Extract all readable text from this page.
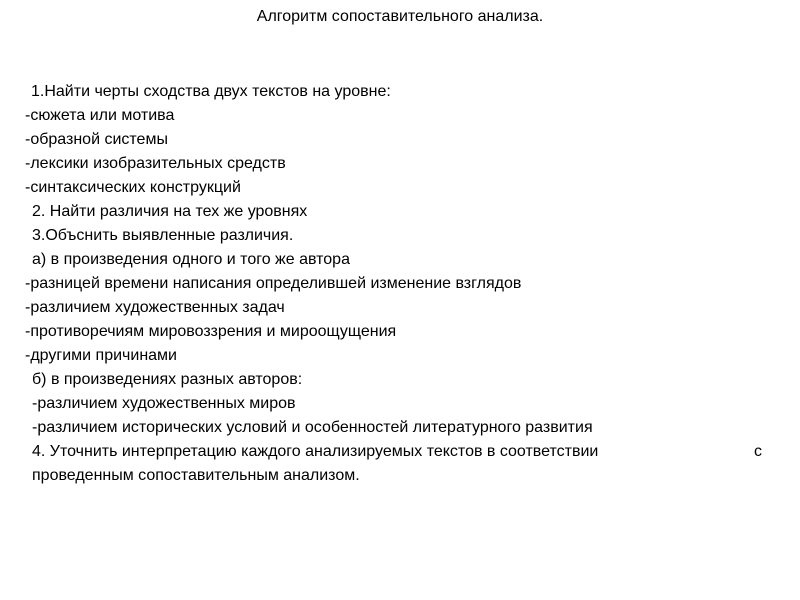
Алгоритм сопоставительного анализа.
1.Найти черты сходства двух текстов на уровне:
-сюжета или мотива
-образной системы
-лексики изобразительных средств
-синтаксических конструкций
2. Найти различия на тех же уровнях
3.Объснить выявленные различия.
а) в произведения одного и того же автора
-разницей времени написания определившей изменение взглядов
-различием художественных задач
-противоречиям мировоззрения и мироощущения
-другими причинами
б) в произведениях разных авторов:
-различием художественных миров
-различием исторических условий и особенностей литературного развития
4. Уточнить интерпретацию каждого анализируемых текстов в соответствии	с
проведенным сопоставительным анализом.
